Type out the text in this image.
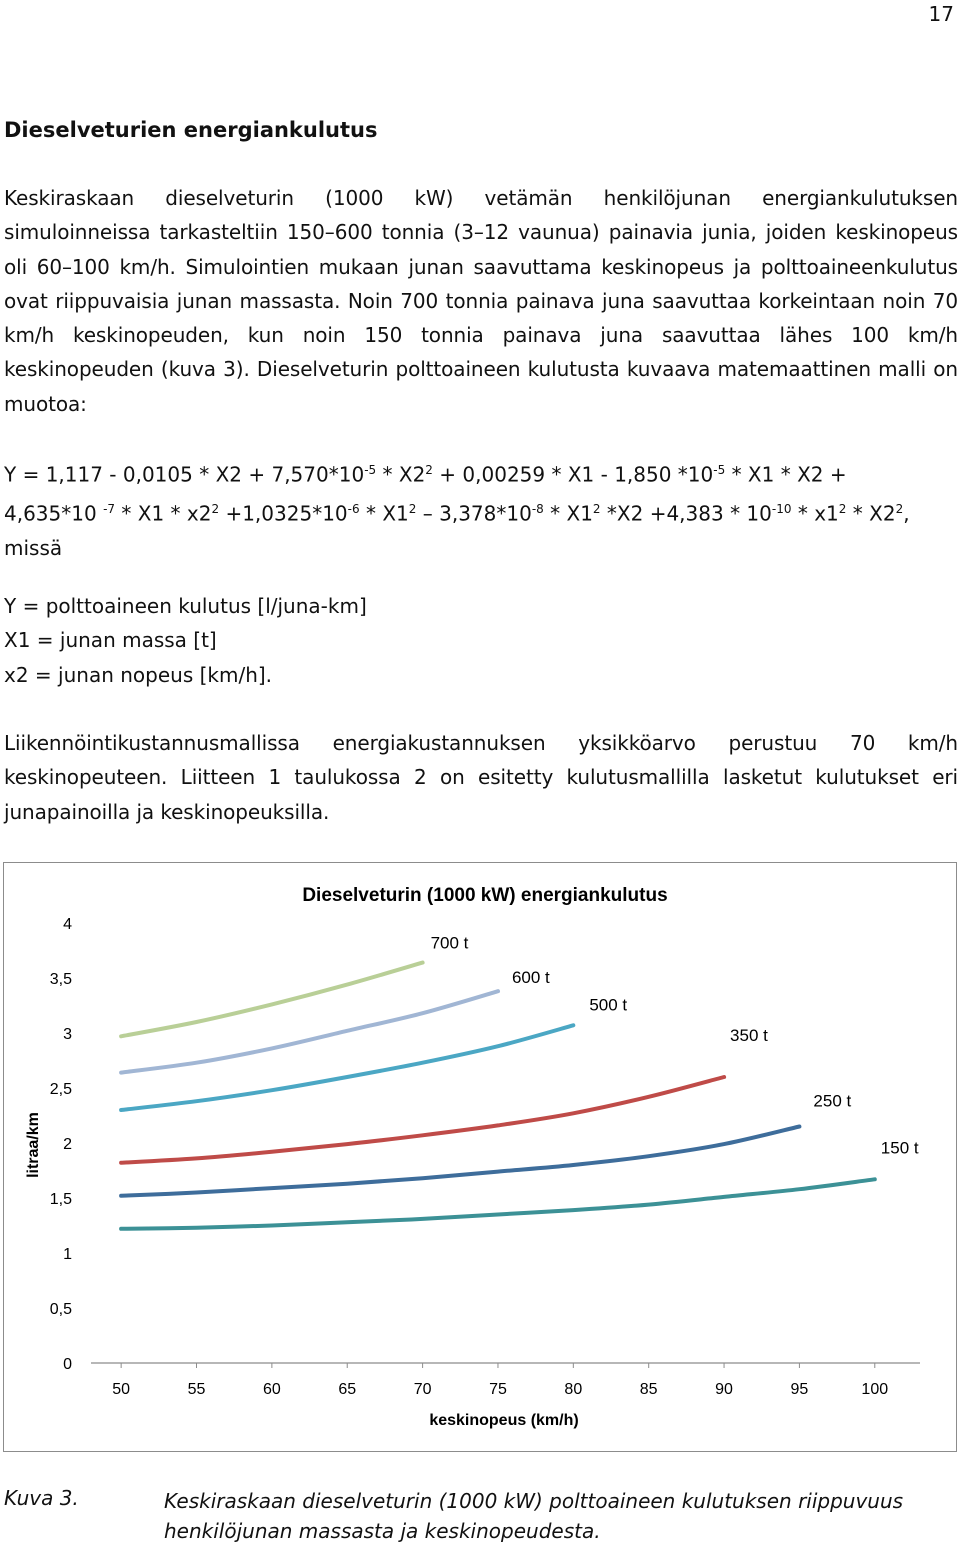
17
Dieselveturien energiankulutus

Keskiraskaan dieselveturin (1000 kW) vetämän henkilöjunan energiankulutuksen simuloinneissa tarkasteltiin 150–600 tonnia (3–12 vaunua) painavia junia, joiden keskinopeus oli 60–100 km/h. Simulointien mukaan junan saavuttama keskinopeus ja polttoaineenkulutus ovat riippuvaisia junan massasta. Noin 700 tonnia painava juna saavuttaa korkeintaan noin 70 km/h keskinopeuden, kun noin 150 tonnia painava juna saavuttaa lähes 100 km/h keskinopeuden (kuva 3). Dieselveturin polttoaineen kulutusta kuvaava matemaattinen malli on muotoa:

$Y = 1,117 - 0,0105 * X2 + 7,570*10^{-5} * X2^2 + 0,00259 * X1 - 1,850$ $*10^{-5} * X1 * X2$ +
4,635*10 $^{-7} * X1 * x2^2 +1,0325*10^{-6} * X1^2 - 3,378*10^{-8} * X1^2$ $*X2 +4,383 * 10^{-10} * x1^2 * X2^2$,
missä
Y = polttoaineen kulutus [l/juna-km]
X1 = junan massa [t]
x2 = junan nopeus [km/h].

Liikennöintikustannusmallissa energiakustannuksen yksikköarvo perustuu 70 km/h keskinopeuteen. Liitteen 1 taulukossa 2 on esitetty kulutusmallilla lasketut kulutukset eri junapainoilla ja keskinopeuksilla.

Dieselveturin (1000 kW) energiankulutus
litraa/km
keskinopeus (km/h)
50	55	60	65	70	75	80	85	90	95	100
0
0,5
1
1,5
2
2,5
3
3,5
4
700 t
600 t
500 t
350 t
250 t
150 t
Kuva 3.	Keskiraskaan dieselveturin (1000 kW) polttoaineen kulutuksen riippuvuus henkilöjunan massasta ja keskinopeudesta.
